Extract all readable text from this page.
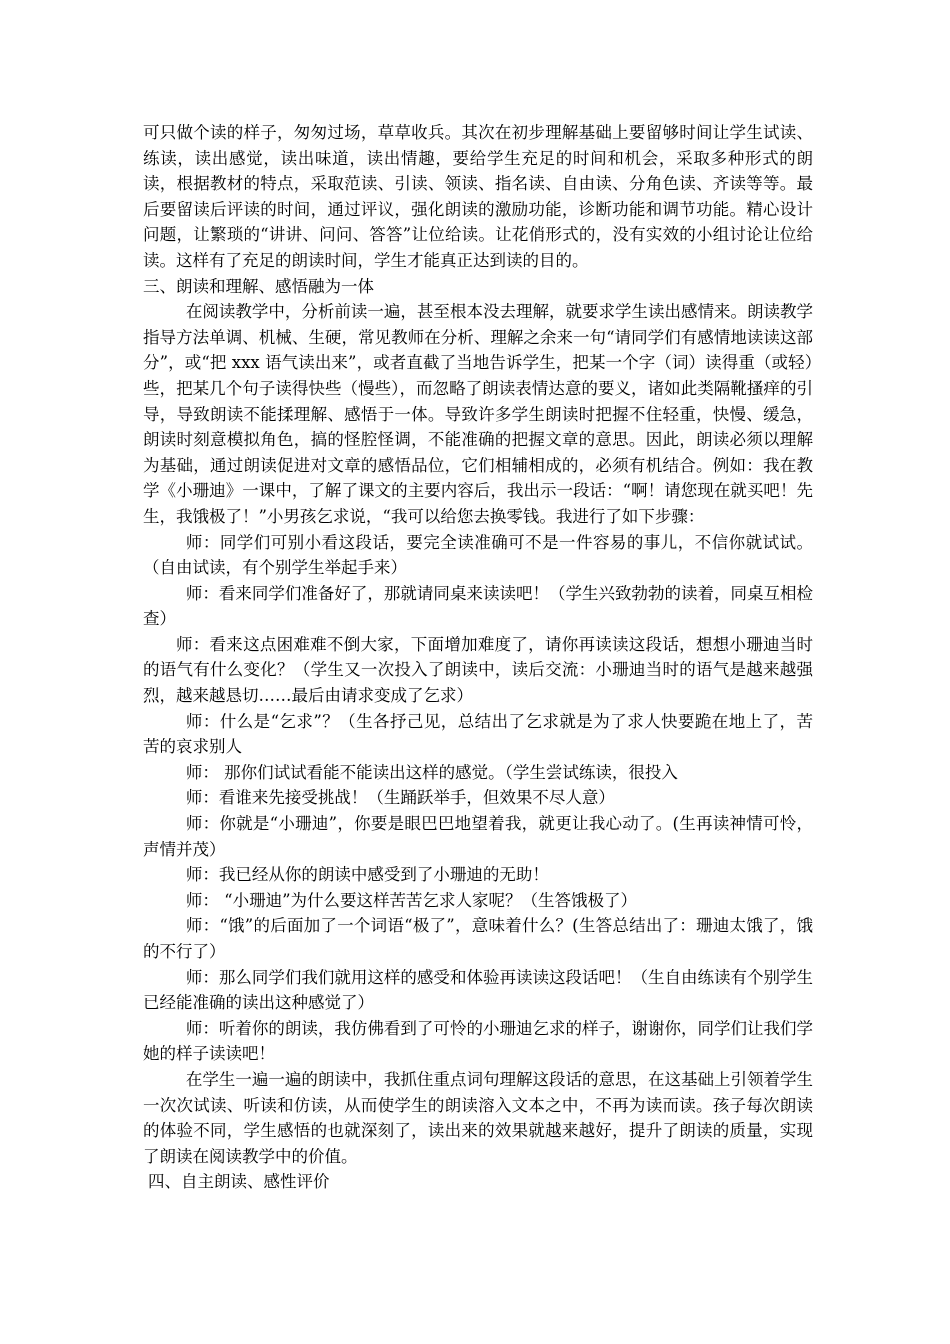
可只做个读的样子，匆匆过场，草草收兵。其次在初步理解基础上要留够时间让学生试读、练读，读出感觉，读出味道，读出情趣，要给学生充足的时间和机会，采取多种形式的朗读，根据教材的特点，采取范读、引读、领读、指名读、自由读、分角色读、齐读等等。最后要留读后评读的时间，通过评议，强化朗读的激励功能，诊断功能和调节功能。精心设计问题，让繁琐的“讲讲、问问、答答”让位给读。让花俏形式的，没有实效的小组讨论让位给读。这样有了充足的朗读时间，学生才能真正达到读的目的。

三、朗读和理解、感悟融为一体

在阅读教学中，分析前读一遍，甚至根本没去理解，就要求学生读出感情来。朗读教学指导方法单调、机械、生硬，常见教师在分析、理解之余来一句“请同学们有感情地读读这部分”，或“把 xxx 语气读出来”，或者直截了当地告诉学生，把某一个字（词）读得重（或轻）些，把某几个句子读得快些（慢些），而忽略了朗读表情达意的要义，诸如此类隔靴搔痒的引导，导致朗读不能揉理解、感悟于一体。导致许多学生朗读时把握不住轻重，快慢、缓急，朗读时刻意模拟角色，搞的怪腔怪调，不能准确的把握文章的意思。因此，朗读必须以理解为基础，通过朗读促进对文章的感悟品位，它们相辅相成的，必须有机结合。例如：我在教学《小珊迪》一课中，了解了课文的主要内容后，我出示一段话：“啊！请您现在就买吧！先生，我饿极了！”小男孩乞求说，“我可以给您去换零钱。我进行了如下步骤：

师：同学们可别小看这段话，要完全读准确可不是一件容易的事儿，不信你就试试。（自由试读，有个别学生举起手来）

师：看来同学们准备好了，那就请同桌来读读吧！（学生兴致勃勃的读着，同桌互相检查）

师：看来这点困难难不倒大家，下面增加难度了，请你再读读这段话，想想小珊迪当时的语气有什么变化？（学生又一次投入了朗读中，读后交流：小珊迪当时的语气是越来越强烈，越来越恳切……最后由请求变成了乞求）

师：什么是“乞求”？（生各抒己见，总结出了乞求就是为了求人快要跪在地上了，苦苦的哀求别人

师： 那你们试试看能不能读出这样的感觉。（学生尝试练读，很投入

师：看谁来先接受挑战！（生踊跃举手，但效果不尽人意）

师：你就是“小珊迪”，你要是眼巴巴地望着我，就更让我心动了。(生再读神情可怜，声情并茂）

师：我已经从你的朗读中感受到了小珊迪的无助！

师： “小珊迪”为什么要这样苦苦乞求人家呢？（生答饿极了）

师：“饿”的后面加了一个词语“极了”，意味着什么？(生答总结出了：珊迪太饿了，饿的不行了）

师：那么同学们我们就用这样的感受和体验再读读这段话吧！（生自由练读有个别学生已经能准确的读出这种感觉了）

师：听着你的朗读，我仿佛看到了可怜的小珊迪乞求的样子，谢谢你，同学们让我们学她的样子读读吧！

在学生一遍一遍的朗读中，我抓住重点词句理解这段话的意思，在这基础上引领着学生一次次试读、听读和仿读，从而使学生的朗读溶入文本之中，不再为读而读。孩子每次朗读的体验不同，学生感悟的也就深刻了，读出来的效果就越来越好，提升了朗读的质量，实现了朗读在阅读教学中的价值。

四、自主朗读、感性评价
